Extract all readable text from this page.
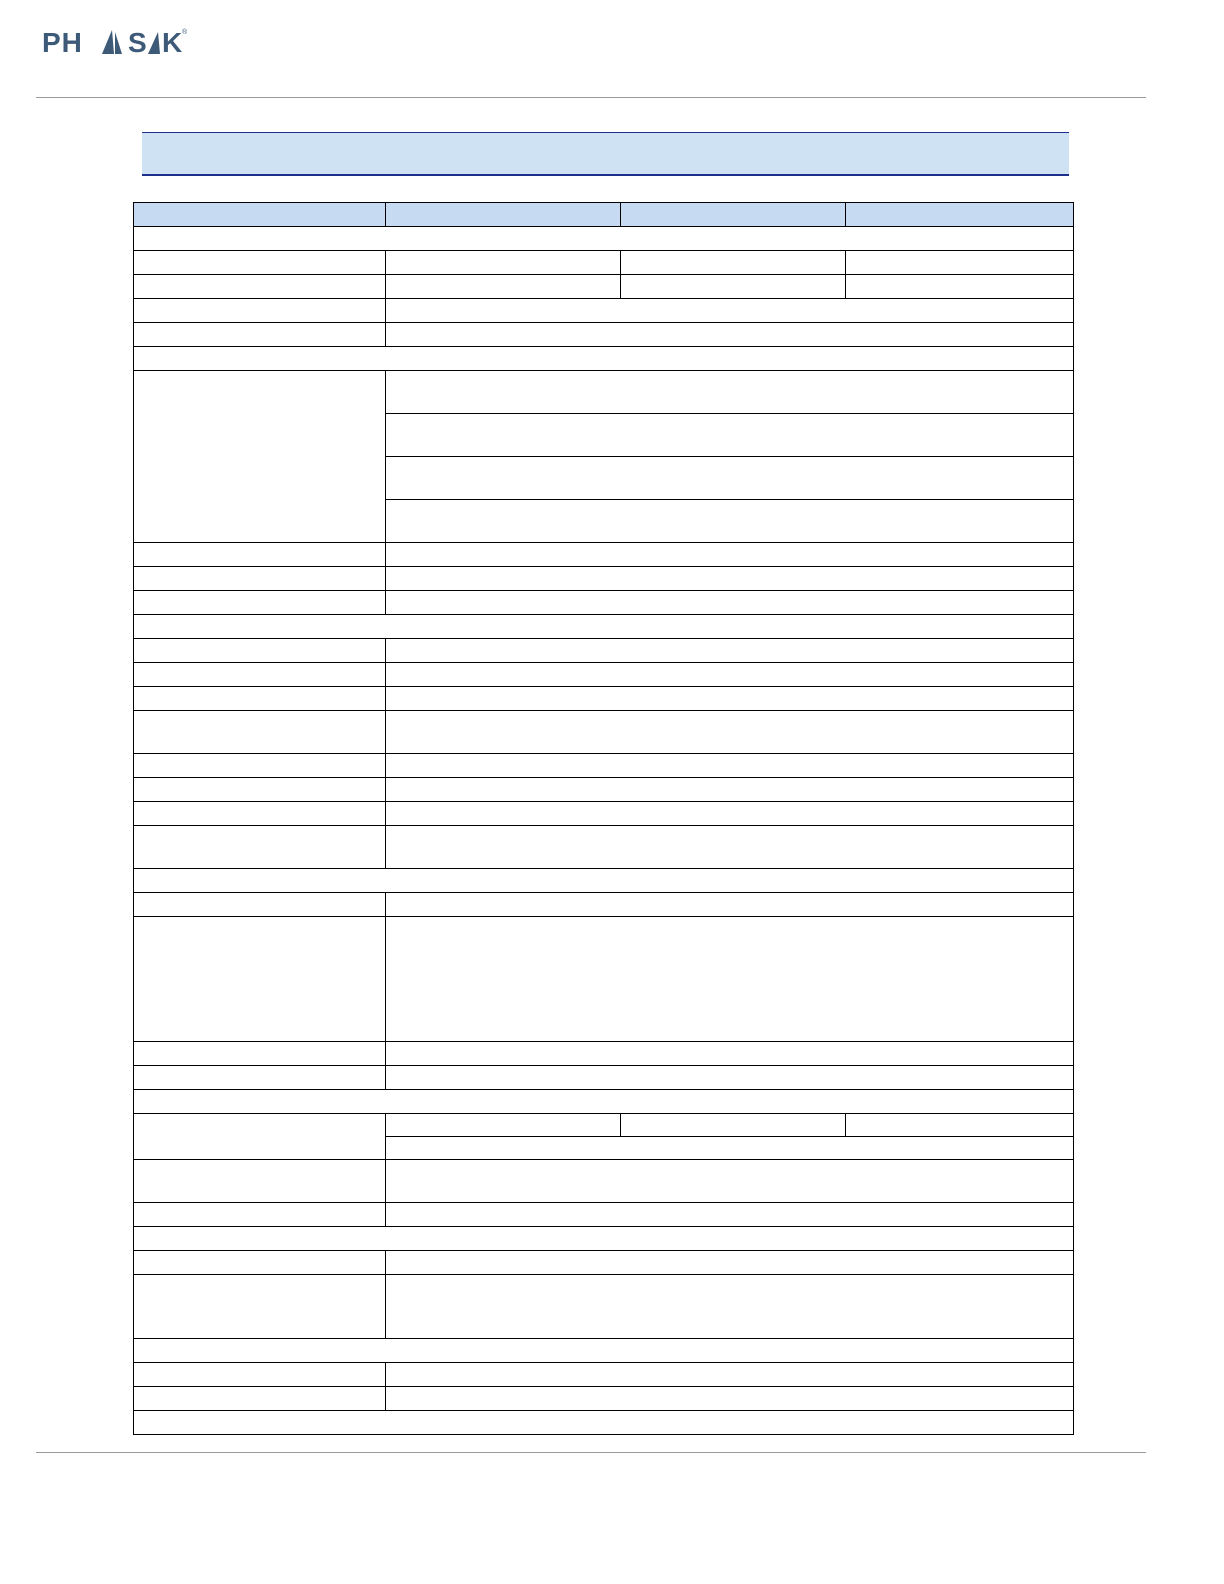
PH S K
®
